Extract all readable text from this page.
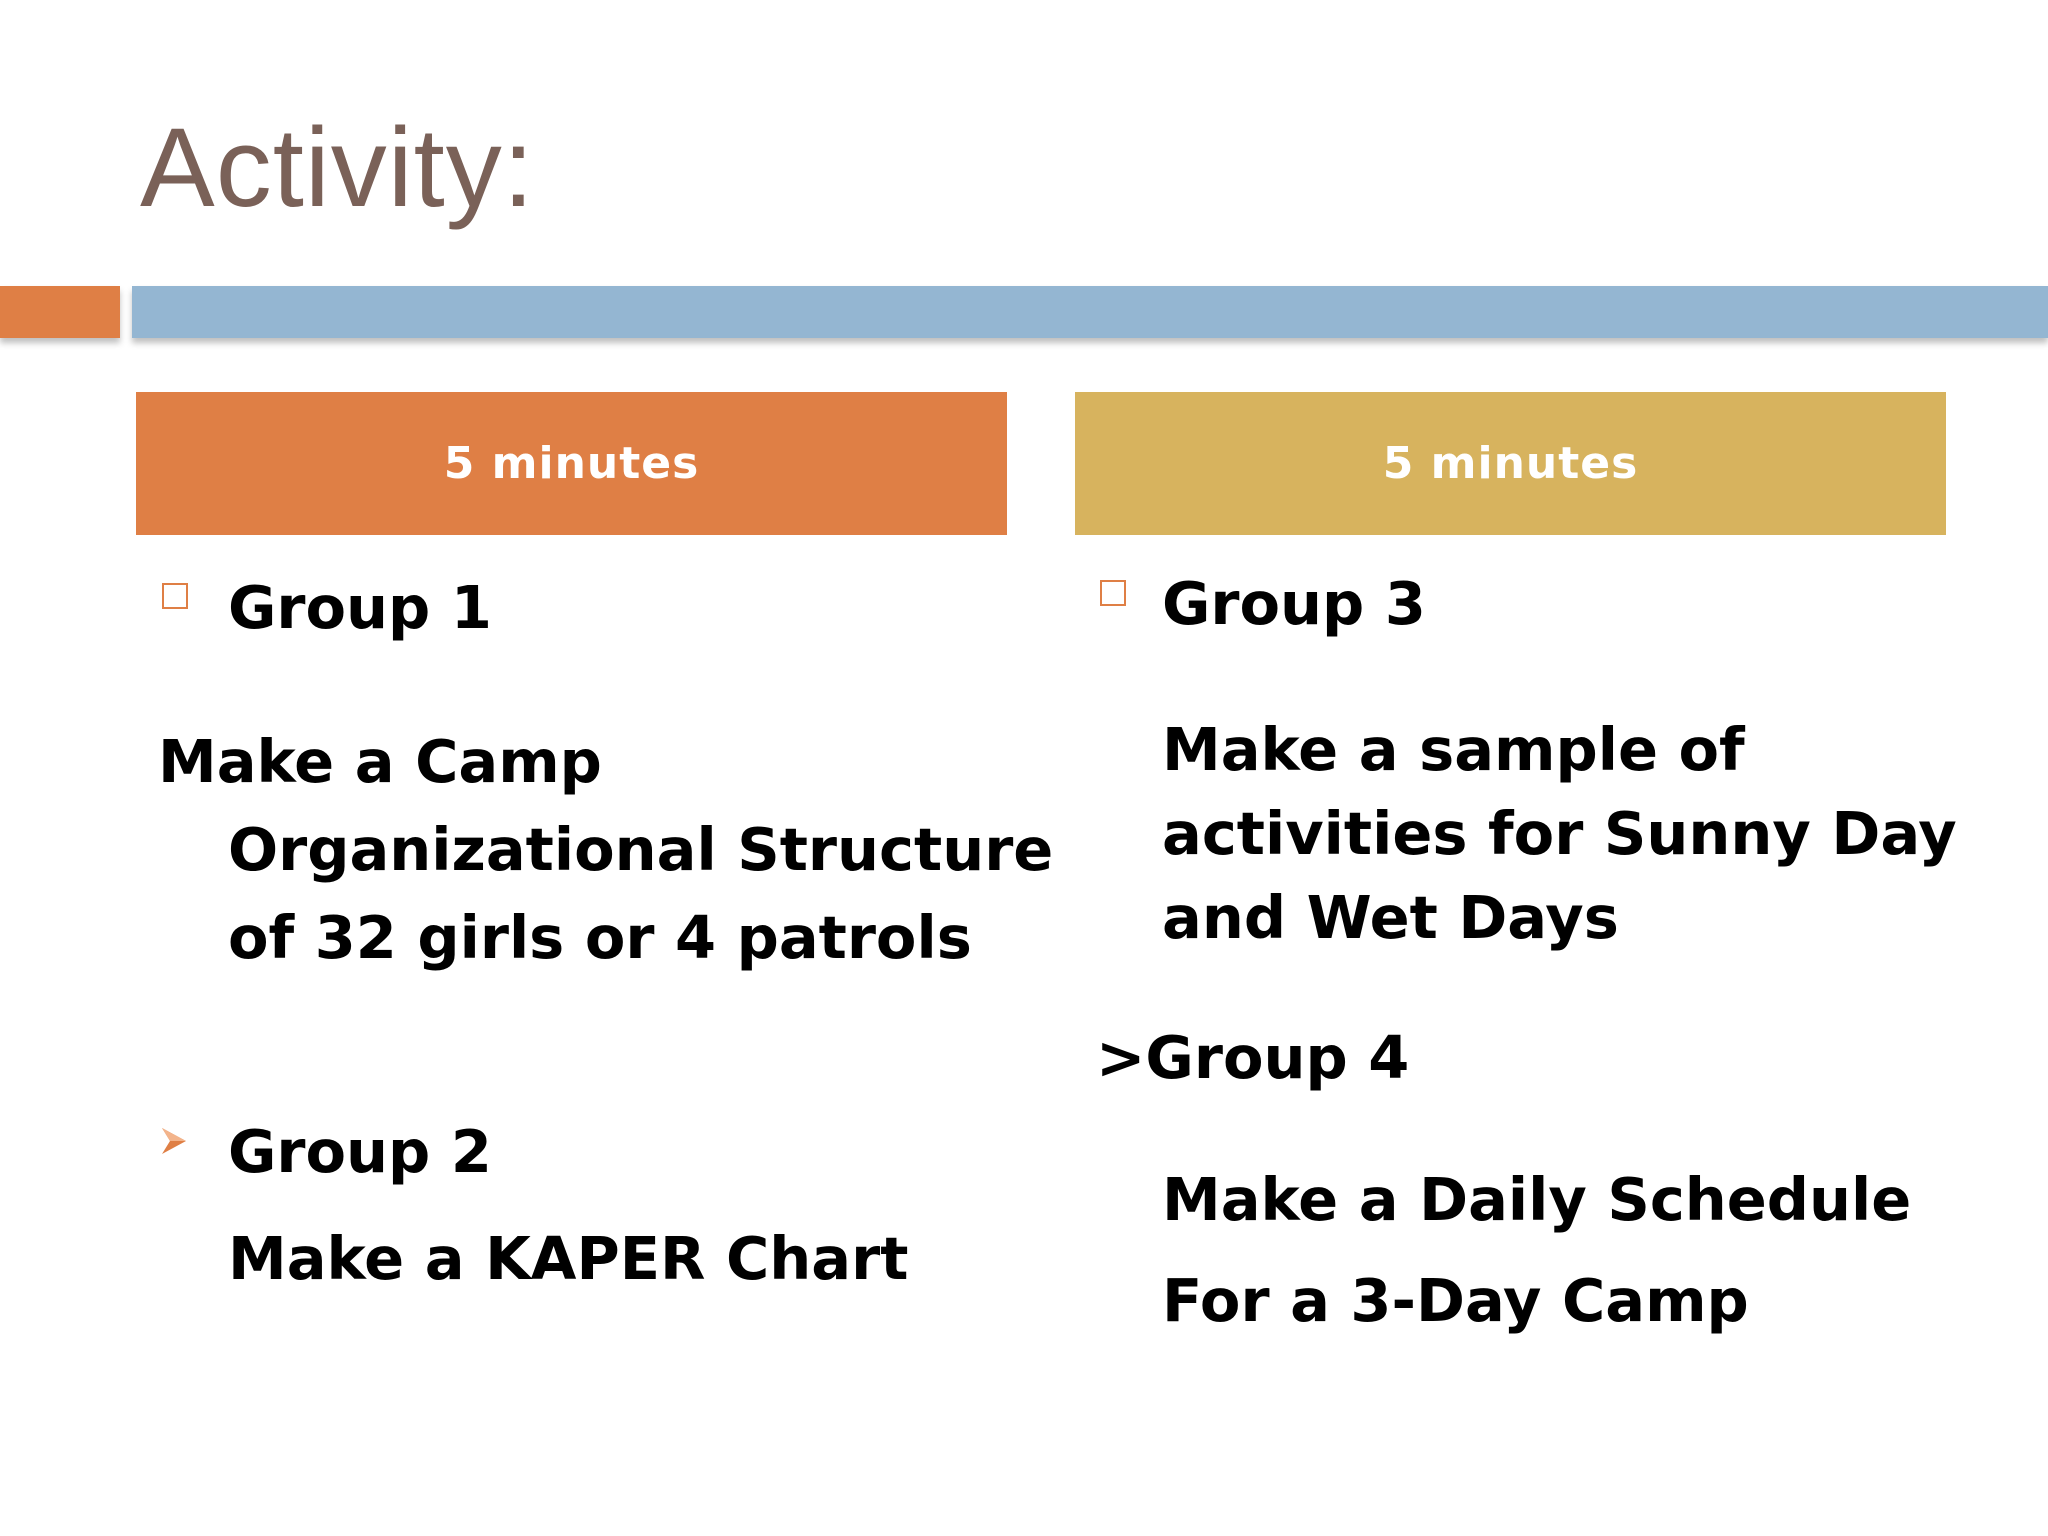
Activity:
5 minutes

Group 1

Make a Camp

Organizational Structure

of 32 girls or 4 patrols

Group 2

Make a KAPER Chart

5 minutes

Group 3

Make a sample of

activities for Sunny Day

and Wet Days

>Group 4

Make a Daily Schedule

For a 3-Day Camp
